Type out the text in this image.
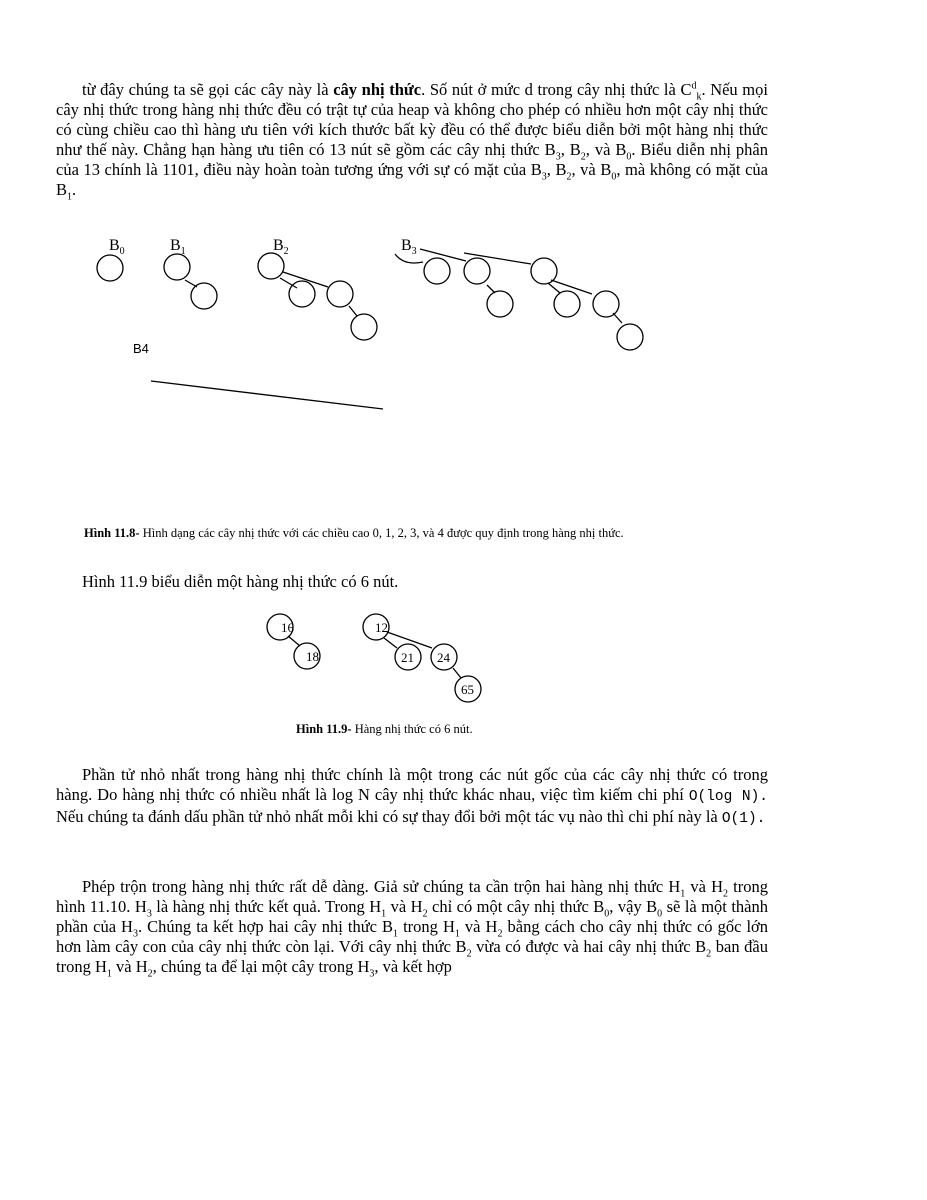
từ đây chúng ta sẽ gọi các cây này là cây nhị thức. Số nút ở mức d trong cây nhị thức là $C^d_k$. Nếu mọi cây nhị thức trong hàng nhị thức đều có trật tự của heap và không cho phép có nhiều hơn một cây nhị thức có cùng chiều cao thì hàng ưu tiên với kích thước bất kỳ đều có thể được biểu diễn bởi một hàng nhị thức như thế này. Chẳng hạn hàng ưu tiên có 13 nút sẽ gồm các cây nhị thức $B_3$, $B_2$, và $B_0$. Biểu diễn nhị phân của 13 chính là 1101, điều này hoàn toàn tương ứng với sự có mặt của $B_3$, $B_2$, và $B_0$, mà không có mặt của $B_1$.

$B_0$	$B_1$	$B_2$	$B_3$
B4
Hình 11.8- Hình dạng các cây nhị thức với các chiều cao 0, 1, 2, 3, và 4 được quy định trong hàng nhị thức.

Hình 11.9 biểu diễn một hàng nhị thức có 6 nút.

16
18
12
21 24
65
Hình 11.9- Hàng nhị thức có 6 nút.

Phần tử nhỏ nhất trong hàng nhị thức chính là một trong các nút gốc của các cây nhị thức có trong hàng. Do hàng nhị thức có nhiều nhất là log N cây nhị thức khác nhau, việc tìm kiếm chi phí O(log N). Nếu chúng ta đánh dấu phần tử nhỏ nhất mỗi khi có sự thay đổi bởi một tác vụ nào thì chi phí này là O(1).

Phép trộn trong hàng nhị thức rất dễ dàng. Giả sử chúng ta cần trộn hai hàng nhị thức $H_1$ và $H_2$ trong hình 11.10. $H_3$ là hàng nhị thức kết quả. Trong $H_1$ và $H_2$ chỉ có một cây nhị thức $B_0$, vậy $B_0$ sẽ là một thành phần của $H_3$. Chúng ta kết hợp hai cây nhị thức $B_1$ trong $H_1$ và $H_2$ bằng cách cho cây nhị thức có gốc lớn hơn làm cây con của cây nhị thức còn lại. Với cây nhị thức $B_2$ vừa có được và hai cây nhị thức $B_2$ ban đầu trong $H_1$ và $H_2$, chúng ta để lại một cây trong $H_3$, và kết hợp
